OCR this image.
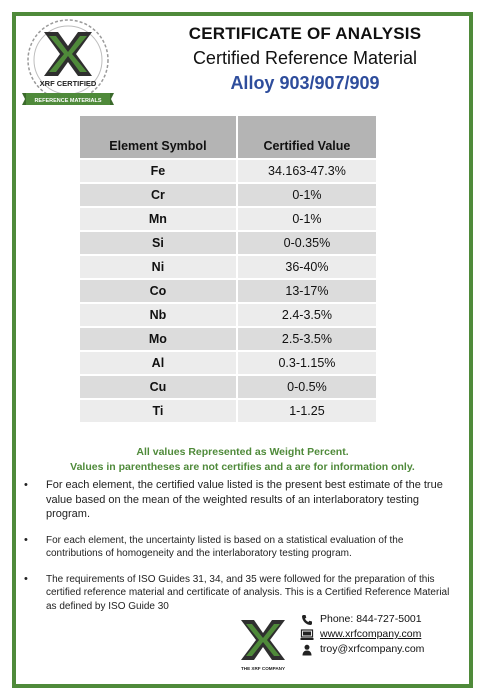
XRF CERTIFIED
REFERENCE MATERIALS
CERTIFICATE OF ANALYSIS
Certified Reference Material
Alloy 903/907/909
Element Symbol	Certified Value
Fe	34.163-47.3%
Cr	0-1%
Mn	0-1%
Si	0-0.35%
Ni	36-40%
Co	13-17%
Nb	2.4-3.5%
Mo	2.5-3.5%
Al	0.3-1.15%
Cu	0-0.5%
Ti	1-1.25
All values Represented as Weight Percent.
Values in parentheses are not certifies and a are for information only.
• For each element, the certified value listed is the present best estimate of the true value based on the mean of the weighted results of an interlaboratory testing program.
• For each element, the uncertainty listed is based on a statistical evaluation of the contributions of homogeneity and the interlaboratory testing program.
• The requirements of ISO Guides 31, 34, and 35 were followed for the preparation of this certified reference material and certificate of analysis. This is a Certified Reference Material as defined by ISO Guide 30
THE XRF COMPANY
Phone: 844-727-5001
www.xrfcompany.com
troy@xrfcompany.com
